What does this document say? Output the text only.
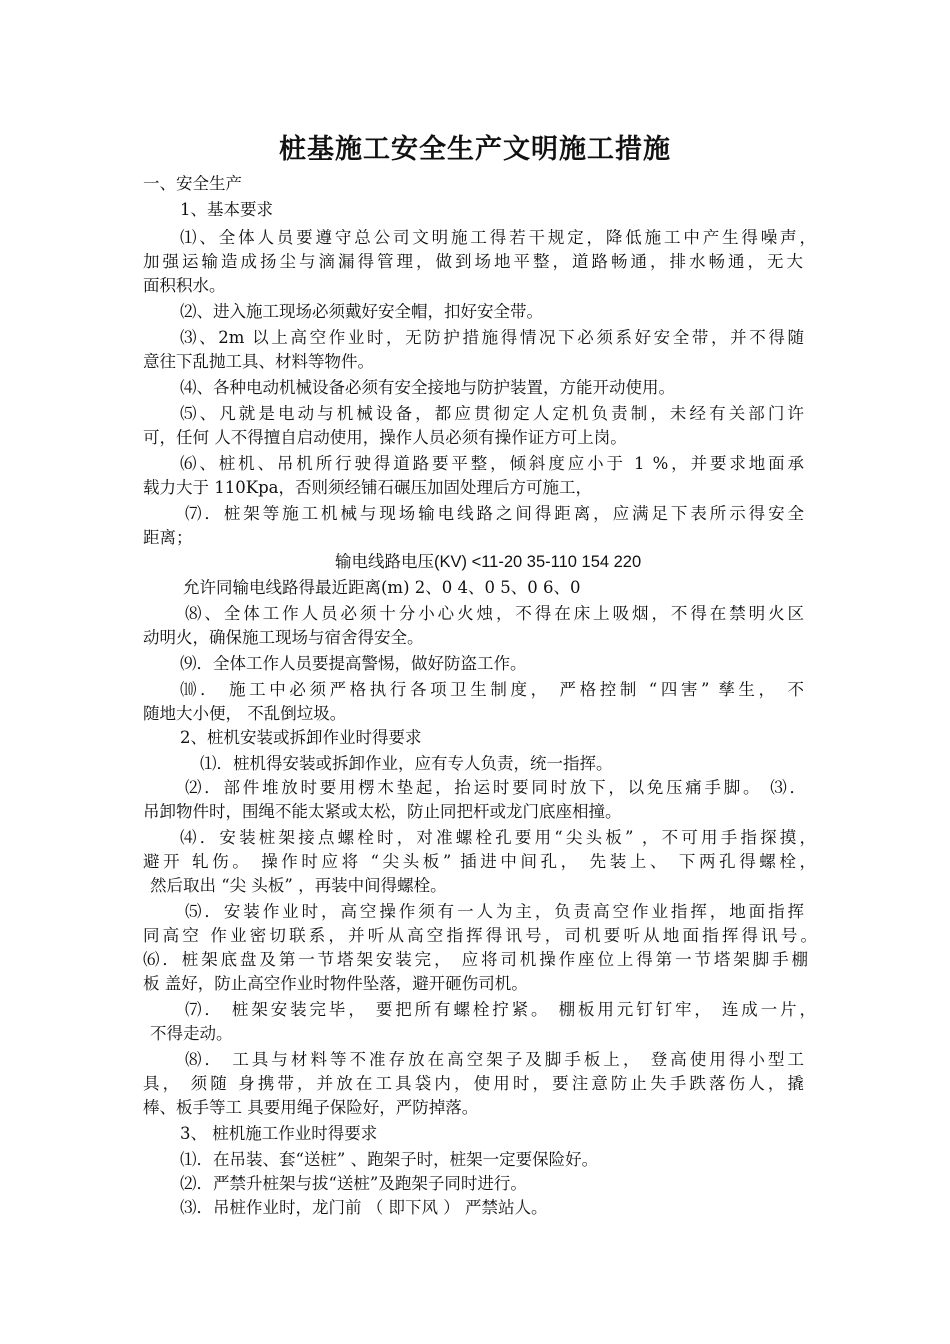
桩基施工安全生产文明施工措施

一、安全生产

1、基本要求

⑴、全体人员要遵守总公司文明施工得若干规定，降低施工中产生得噪声，

加强运输造成扬尘与滴漏得管理，做到场地平整，道路畅通，排水畅通，无大

面积积水。

⑵、进入施工现场必须戴好安全帽，扣好安全带。

⑶、2m 以上高空作业时，无防护措施得情况下必须系好安全带，并不得随

意往下乱抛工具、材料等物件。

⑷、各种电动机械设备必须有安全接地与防护装置，方能开动使用。

⑸、凡就是电动与机械设备，都应贯彻定人定机负责制，未经有关部门许

可，任何 人不得擅自启动使用，操作人员必须有操作证方可上岗。

⑹、桩机、吊机所行驶得道路要平整，倾斜度应小于 1 %，并要求地面承

载力大于 110Kpa，否则须经铺石碾压加固处理后方可施工，

⑺．桩架等施工机械与现场输电线路之间得距离，应满足下表所示得安全

距离；

输电线路电压(KV) <11-20 35-110 154 220

允许同输电线路得最近距离(m) 2、0 4、0 5、0 6、0

⑻、全体工作人员必须十分小心火烛，不得在床上吸烟，不得在禁明火区

动明火，确保施工现场与宿舍得安全。

⑼．全体工作人员要提高警惕，做好防盗工作。

⑽． 施工中必须严格执行各项卫生制度， 严格控制 “四害” 孳生， 不

随地大小便， 不乱倒垃圾。

2、桩机安装或拆卸作业时得要求

⑴．桩机得安装或拆卸作业，应有专人负责，统一指挥。

⑵．部件堆放时要用楞木垫起，抬运时要同时放下，以免压痛手脚。 ⑶．

吊卸物件时，围绳不能太紧或太松，防止同把杆或龙门底座相撞。

⑷．安装桩架接点螺栓时，对准螺栓孔要用“尖头板” ，不可用手指探摸，

避开 轧伤。 操作时应将 “尖头板” 插进中间孔， 先装上、 下两孔得螺栓，

然后取出 “尖 头板” ，再装中间得螺栓。

⑸．安装作业时，高空操作须有一人为主，负责高空作业指挥，地面指挥

同高空 作业密切联系，并听从高空指挥得讯号，司机要听从地面指挥得讯号。

⑹．桩架底盘及第一节塔架安装完， 应将司机操作座位上得第一节塔架脚手棚

板 盖好，防止高空作业时物件坠落，避开砸伤司机。

⑺． 桩架安装完毕， 要把所有螺栓拧紧。 棚板用元钉钉牢， 连成一片，

不得走动。

⑻． 工具与材料等不准存放在高空架子及脚手板上， 登高使用得小型工

具， 须随 身携带，并放在工具袋内，使用时，要注意防止失手跌落伤人，撬

棒、板手等工 具要用绳子保险好，严防掉落。

3、 桩机施工作业时得要求

⑴．在吊装、套“送桩” 、跑架子时，桩架一定要保险好。

⑵．严禁升桩架与拔“送桩”及跑架子同时进行。

⑶．吊桩作业时，龙门前 （ 即下风 ） 严禁站人。
